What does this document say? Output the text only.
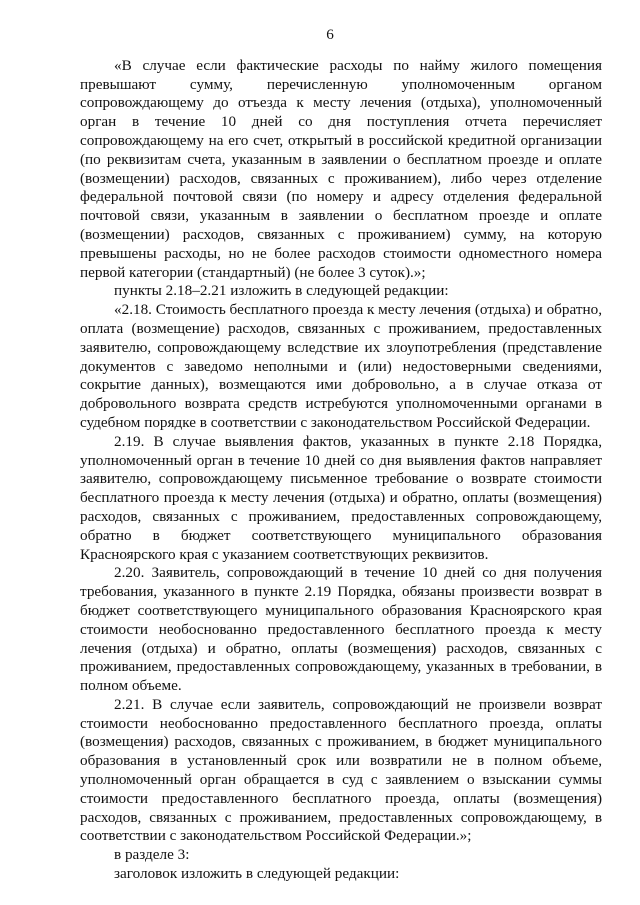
6

«В случае если фактические расходы по найму жилого помещения превышают сумму, перечисленную уполномоченным органом сопровождающему до отъезда к месту лечения (отдыха), уполномоченный орган в течение 10 дней со дня поступления отчета перечисляет сопровождающему на его счет, открытый в российской кредитной организации (по реквизитам счета, указанным в заявлении о бесплатном проезде и оплате (возмещении) расходов, связанных с проживанием), либо через отделение федеральной почтовой связи (по номеру и адресу отделения федеральной почтовой связи, указанным в заявлении о бесплатном проезде и оплате (возмещении) расходов, связанных с проживанием) сумму, на которую превышены расходы, но не более расходов стоимости одноместного номера первой категории (стандартный) (не более 3 суток).»;

пункты 2.18–2.21 изложить в следующей редакции:

«2.18. Стоимость бесплатного проезда к месту лечения (отдыха) и обратно, оплата (возмещение) расходов, связанных с проживанием, предоставленных заявителю, сопровождающему вследствие их злоупотребления (представление документов с заведомо неполными и (или) недостоверными сведениями, сокрытие данных), возмещаются ими добровольно, а в случае отказа от добровольного возврата средств истребуются уполномоченными органами в судебном порядке в соответствии с законодательством Российской Федерации.

2.19. В случае выявления фактов, указанных в пункте 2.18 Порядка, уполномоченный орган в течение 10 дней со дня выявления фактов направляет заявителю, сопровождающему письменное требование о возврате стоимости бесплатного проезда к месту лечения (отдыха) и обратно, оплаты (возмещения) расходов, связанных с проживанием, предоставленных сопровождающему, обратно в бюджет соответствующего муниципального образования Красноярского края с указанием соответствующих реквизитов.

2.20. Заявитель, сопровождающий в течение 10 дней со дня получения требования, указанного в пункте 2.19 Порядка, обязаны произвести возврат в бюджет соответствующего муниципального образования Красноярского края стоимости необоснованно предоставленного бесплатного проезда к месту лечения (отдыха) и обратно, оплаты (возмещения) расходов, связанных с проживанием, предоставленных сопровождающему, указанных в требовании, в полном объеме.

2.21. В случае если заявитель, сопровождающий не произвели возврат стоимости необоснованно предоставленного бесплатного проезда, оплаты (возмещения) расходов, связанных с проживанием, в бюджет муниципального образования в установленный срок или возвратили не в полном объеме, уполномоченный орган обращается в суд с заявлением о взыскании суммы стоимости предоставленного бесплатного проезда, оплаты (возмещения) расходов, связанных с проживанием, предоставленных сопровождающему, в соответствии с законодательством Российской Федерации.»;

в разделе 3:

заголовок изложить в следующей редакции:
